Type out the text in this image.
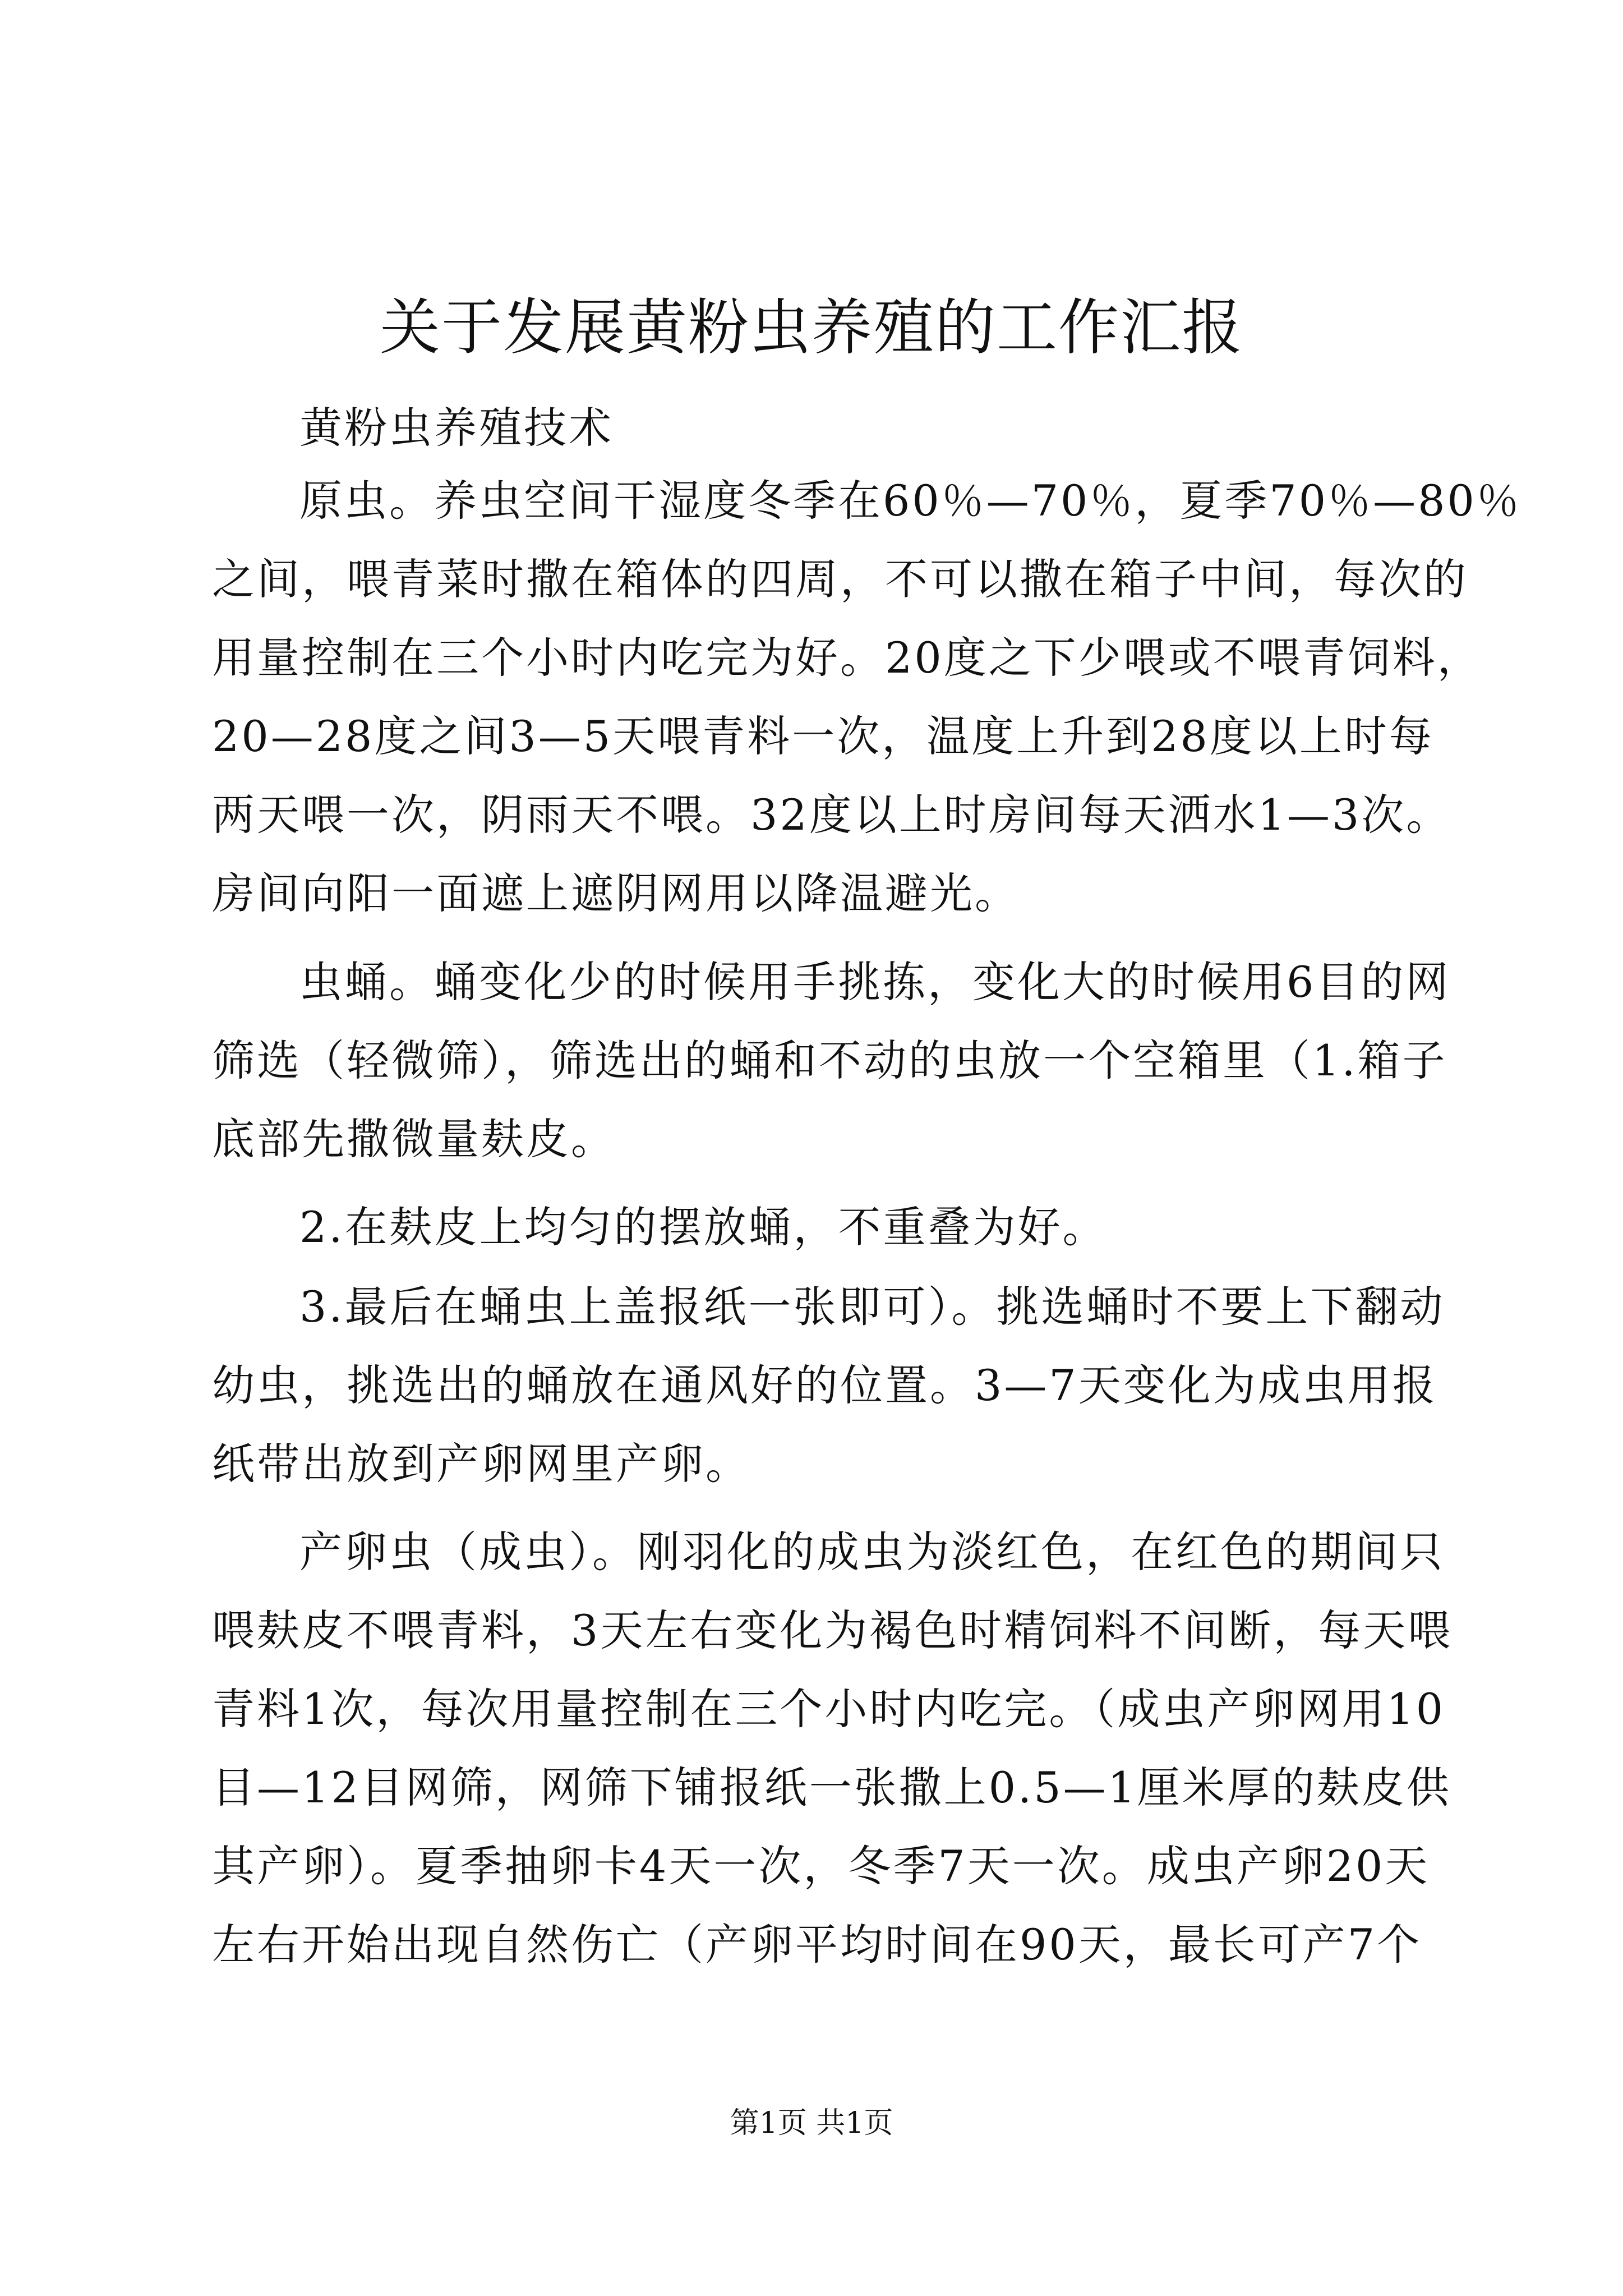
关于发展黄粉虫养殖的工作汇报
黄粉虫养殖技术
原虫。养虫空间干湿度冬季在60％—70％，夏季70％—80％
之间，喂青菜时撒在箱体的四周，不可以撒在箱子中间，每次的
用量控制在三个小时内吃完为好。20度之下少喂或不喂青饲料，
20—28度之间3—5天喂青料一次，温度上升到28度以上时每
两天喂一次，阴雨天不喂。32度以上时房间每天洒水1—3次。
房间向阳一面遮上遮阴网用以降温避光。
虫蛹。蛹变化少的时候用手挑拣，变化大的时候用6目的网
筛选（轻微筛），筛选出的蛹和不动的虫放一个空箱里（1.箱子
底部先撒微量麸皮。
2.在麸皮上均匀的摆放蛹，不重叠为好。
3.最后在蛹虫上盖报纸一张即可）。挑选蛹时不要上下翻动
幼虫，挑选出的蛹放在通风好的位置。3—7天变化为成虫用报
纸带出放到产卵网里产卵。
产卵虫（成虫）。刚羽化的成虫为淡红色，在红色的期间只
喂麸皮不喂青料，3天左右变化为褐色时精饲料不间断，每天喂
青料1次，每次用量控制在三个小时内吃完。（成虫产卵网用10
目—12目网筛，网筛下铺报纸一张撒上0.5—1厘米厚的麸皮供
其产卵）。夏季抽卵卡4天一次，冬季7天一次。成虫产卵20天
左右开始出现自然伤亡（产卵平均时间在90天，最长可产7个
第1页 共1页
